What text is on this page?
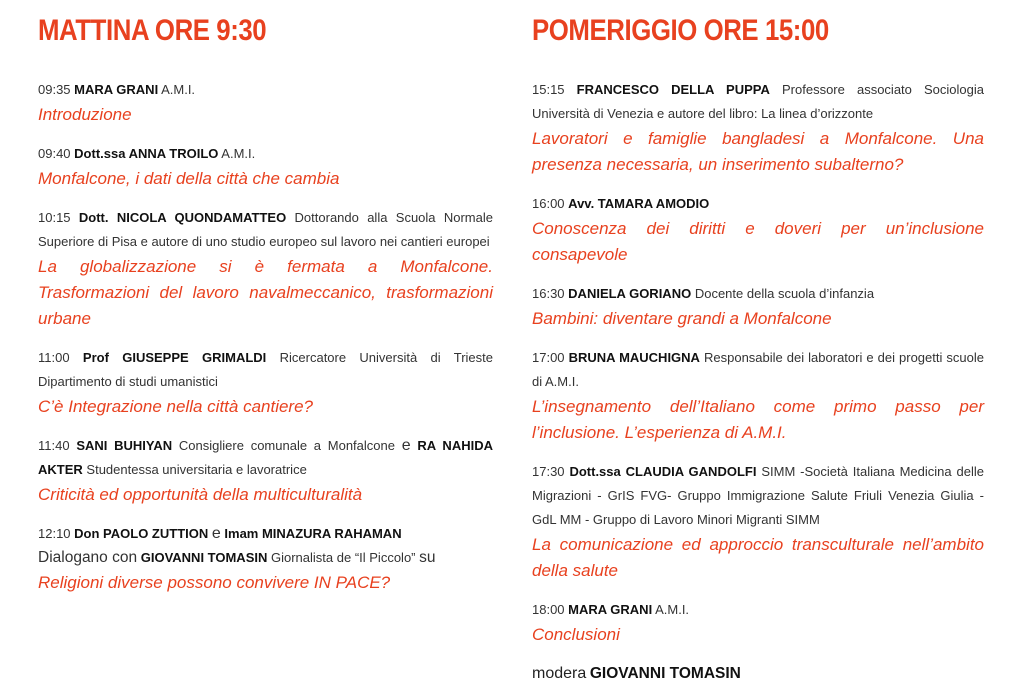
MATTINA ORE 9:30
09:35 MARA GRANI A.M.I.
Introduzione
09:40 Dott.ssa ANNA TROILO A.M.I.
Monfalcone, i dati della città che cambia
10:15 Dott. NICOLA QUONDAMATTEO Dottorando alla Scuola Normale Superiore di Pisa e autore di uno studio europeo sul lavoro nei cantieri europei
La globalizzazione si è fermata a Monfalcone. Trasformazioni del lavoro navalmeccanico, trasformazioni urbane
11:00 Prof GIUSEPPE GRIMALDI Ricercatore Università di Trieste Dipartimento di studi umanistici
C’è Integrazione nella città cantiere?
11:40 SANI BUHIYAN Consigliere comunale a Monfalcone e RA NAHIDA AKTER Studentessa universitaria e lavoratrice
Criticità ed opportunità della multiculturalità
12:10 Don PAOLO ZUTTION e Imam MINAZURA RAHAMAN
Dialogano con GIOVANNI TOMASIN Giornalista de “Il Piccolo” su
Religioni diverse possono convivere IN PACE?
POMERIGGIO ORE 15:00
15:15 FRANCESCO DELLA PUPPA Professore associato Sociologia Università di Venezia e autore del libro: La linea d’orizzonte
Lavoratori e famiglie bangladesi a Monfalcone. Una presenza necessaria, un inserimento subalterno?
16:00 Avv. TAMARA AMODIO
Conoscenza dei diritti e doveri per un’inclusione consapevole
16:30 DANIELA GORIANO Docente della scuola d’infanzia
Bambini: diventare grandi a Monfalcone
17:00 BRUNA MAUCHIGNA Responsabile dei laboratori e dei progetti scuole di A.M.I.
L’insegnamento dell’Italiano come primo passo per l’inclusione. L’esperienza di A.M.I.
17:30 Dott.ssa CLAUDIA GANDOLFI SIMM -Società Italiana Medicina delle Migrazioni - GrIS FVG- Gruppo Immigrazione Salute Friuli Venezia Giulia - GdL MM - Gruppo di Lavoro Minori Migranti SIMM
La comunicazione ed approccio transculturale nell’ambito della salute
18:00 MARA GRANI A.M.I.
Conclusioni
modera GIOVANNI TOMASIN
